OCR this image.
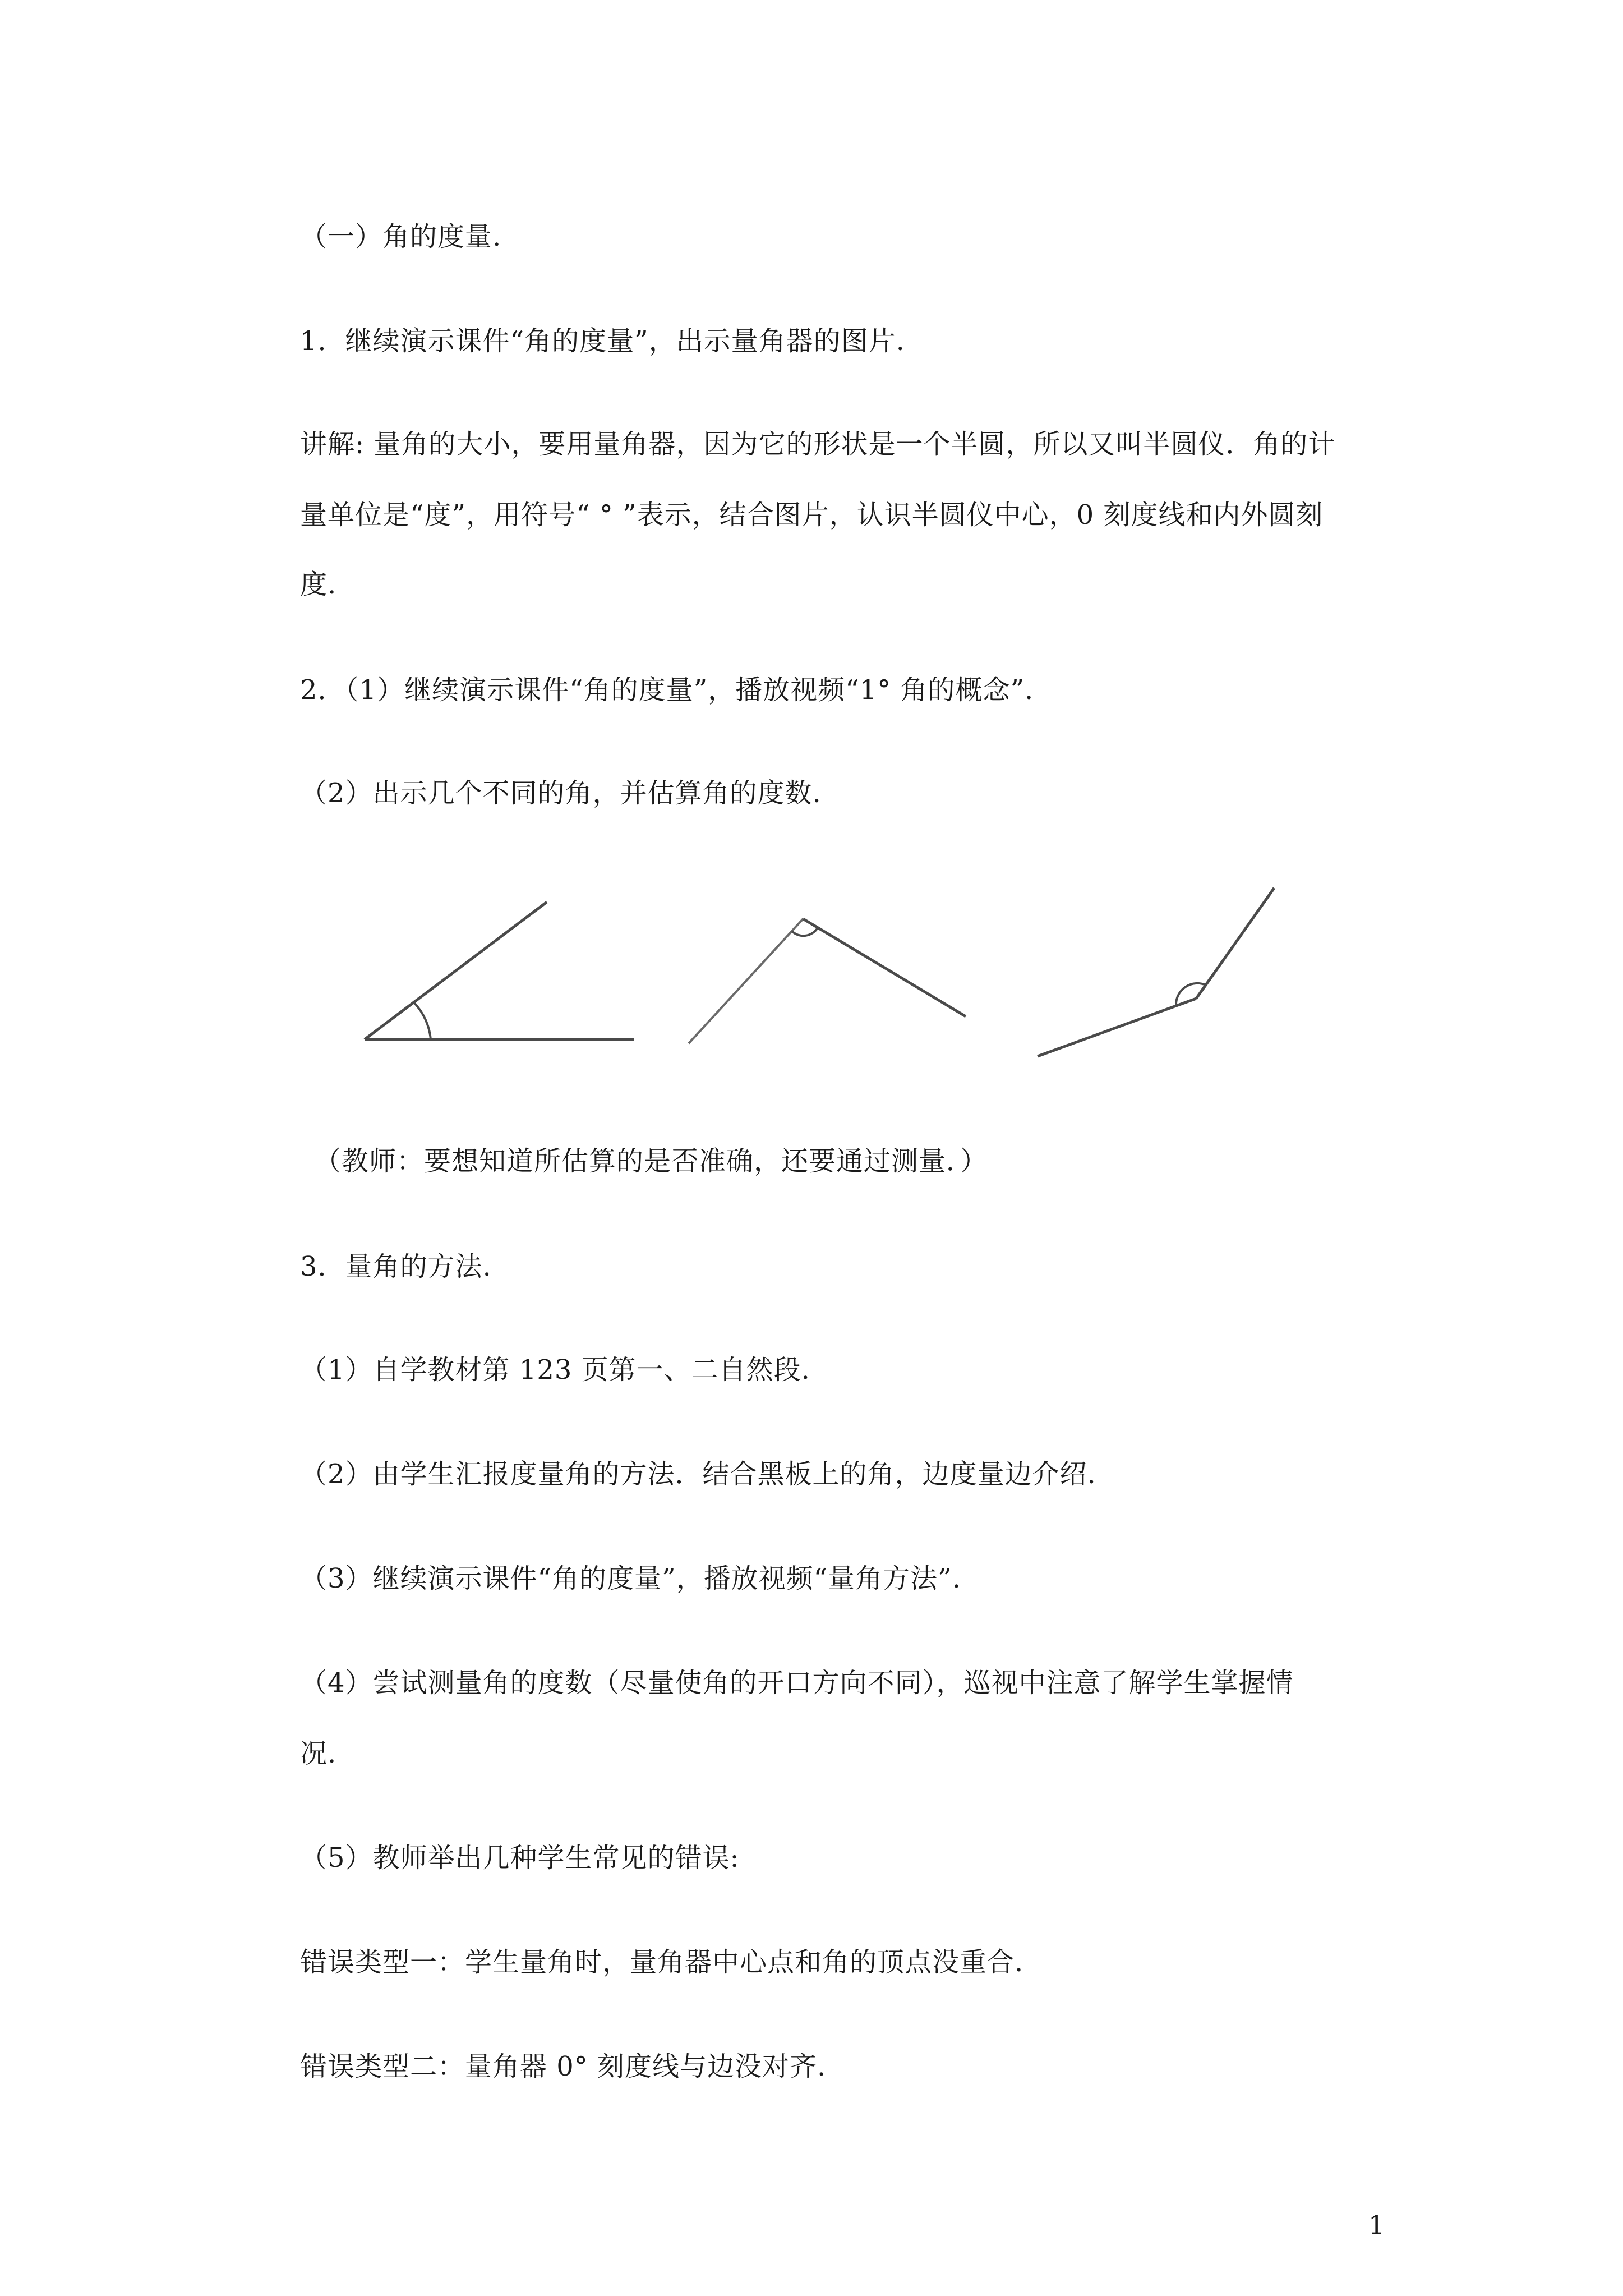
（一）角的度量.
1．继续演示课件“角的度量”，出示量角器的图片.
讲解: 量角的大小，要用量角器，因为它的形状是一个半圆，所以又叫半圆仪．角的计
量单位是“度”，用符号“ ° ”表示，结合图片，认识半圆仪中心，0 刻度线和内外圆刻
度.
2．（1）继续演示课件“角的度量”，播放视频“1° 角的概念”.
（2）出示几个不同的角，并估算角的度数.
（教师：要想知道所估算的是否准确，还要通过测量．）
3．量角的方法.
（1）自学教材第 123 页第一、二自然段.
（2）由学生汇报度量角的方法．结合黑板上的角，边度量边介绍.
（3）继续演示课件“角的度量”，播放视频“量角方法”.
（4）尝试测量角的度数（尽量使角的开口方向不同），巡视中注意了解学生掌握情
况.
（5）教师举出几种学生常见的错误:
错误类型一：学生量角时，量角器中心点和角的顶点没重合.
错误类型二：量角器 0° 刻度线与边没对齐.
1
